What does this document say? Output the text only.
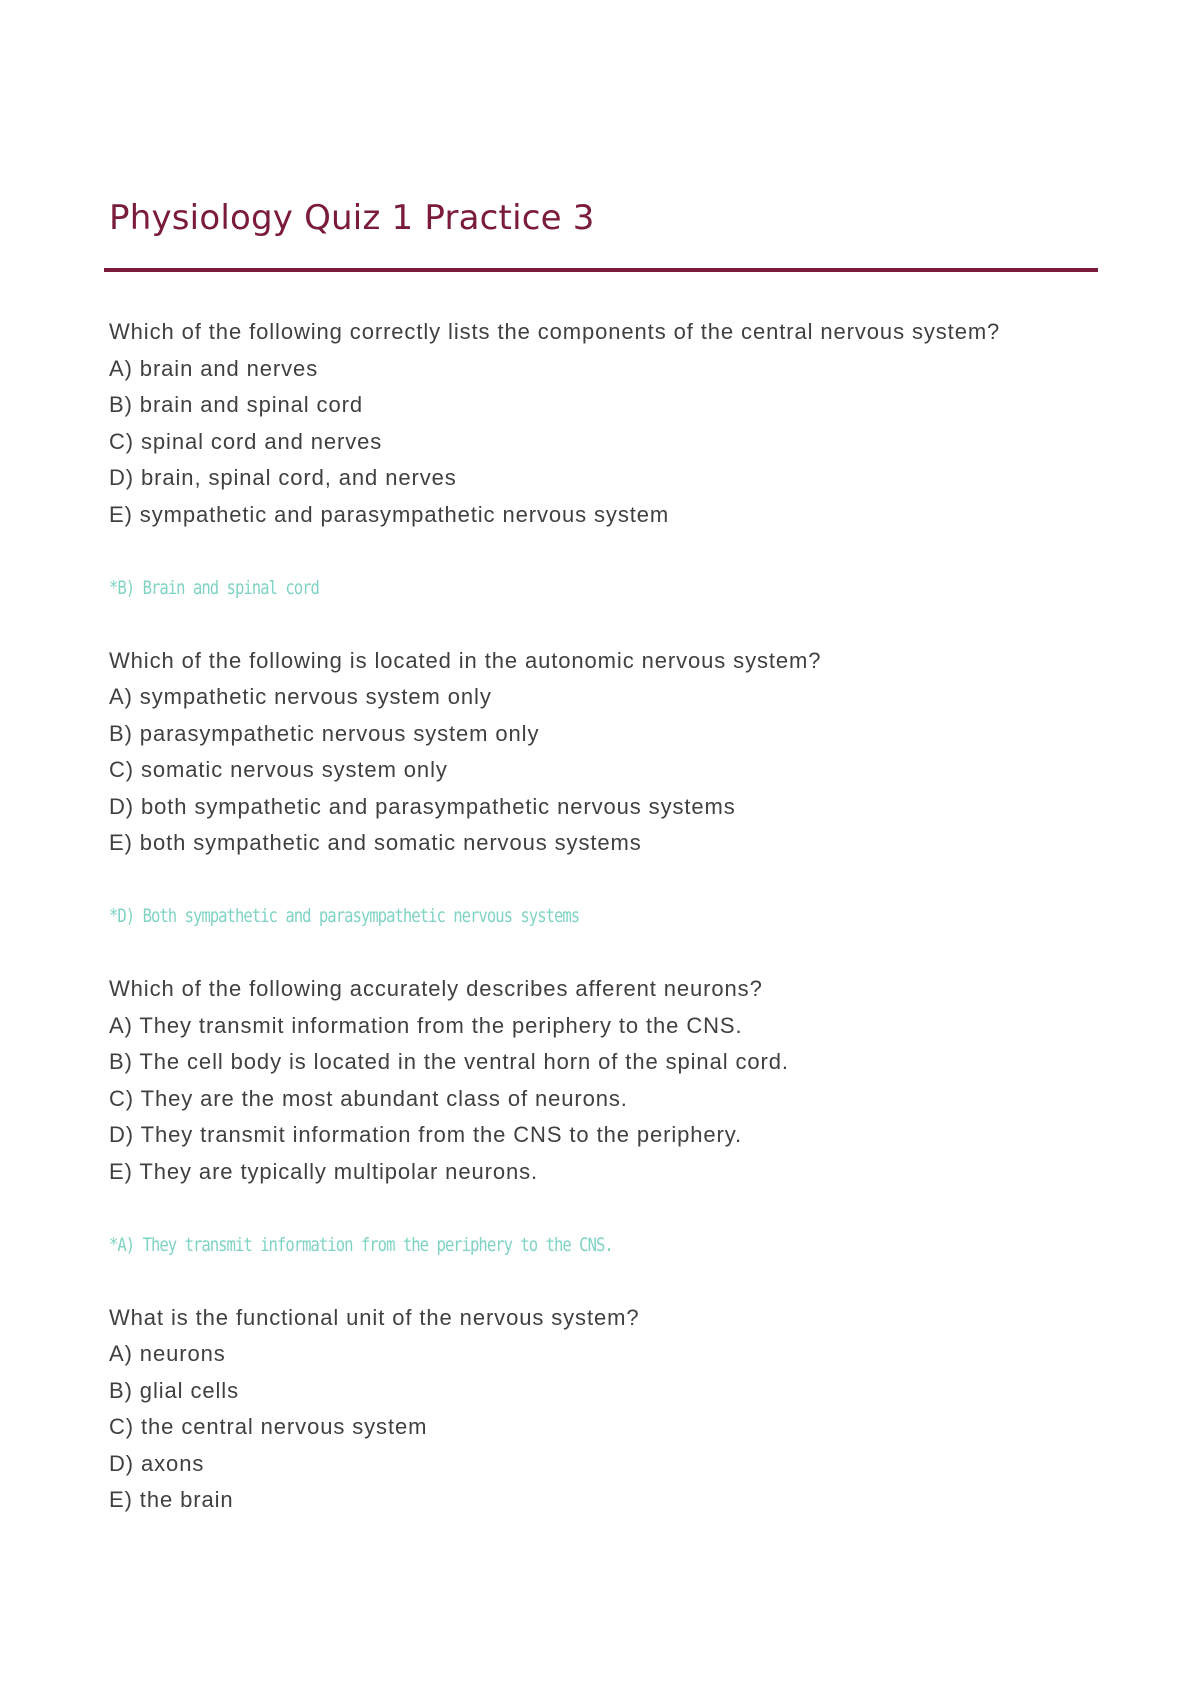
Physiology Quiz 1 Practice 3
Which of the following correctly lists the components of the central nervous system?
A) brain and nerves
B) brain and spinal cord
C) spinal cord and nerves
D) brain, spinal cord, and nerves
E) sympathetic and parasympathetic nervous system
*B) Brain and spinal cord
Which of the following is located in the autonomic nervous system?
A) sympathetic nervous system only
B) parasympathetic nervous system only
C) somatic nervous system only
D) both sympathetic and parasympathetic nervous systems
E) both sympathetic and somatic nervous systems
*D) Both sympathetic and parasympathetic nervous systems
Which of the following accurately describes afferent neurons?
A) They transmit information from the periphery to the CNS.
B) The cell body is located in the ventral horn of the spinal cord.
C) They are the most abundant class of neurons.
D) They transmit information from the CNS to the periphery.
E) They are typically multipolar neurons.
*A) They transmit information from the periphery to the CNS.
What is the functional unit of the nervous system?
A) neurons
B) glial cells
C) the central nervous system
D) axons
E) the brain
